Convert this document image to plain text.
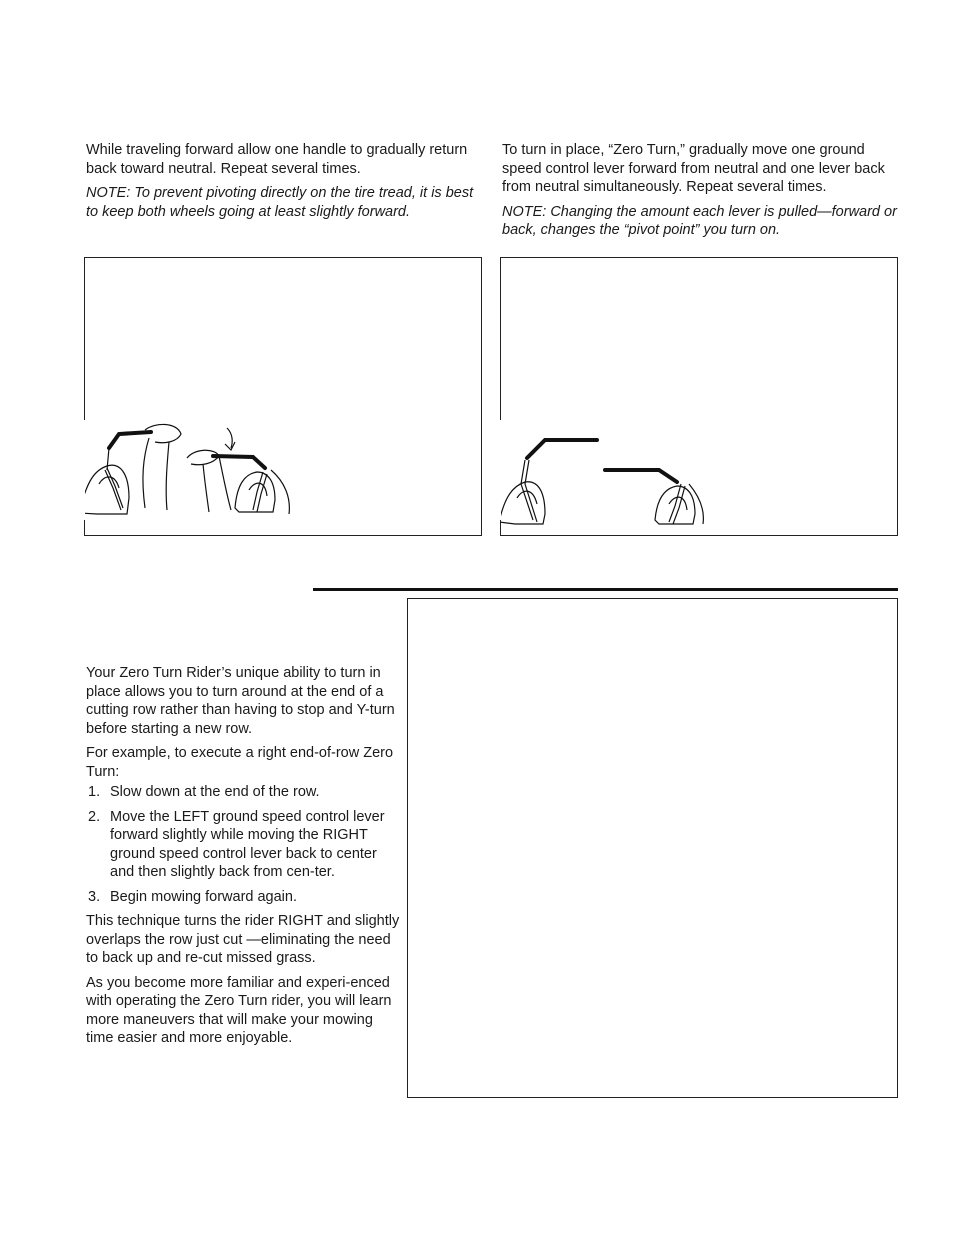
While traveling forward allow one handle to gradually return back toward neutral. Repeat several times.

NOTE: To prevent pivoting directly on the tire tread, it is best to keep both wheels going at least slightly forward.

To turn in place, “Zero Turn,” gradually move one ground speed control lever forward from neutral and one lever back from neutral simultaneously. Repeat several times.

NOTE: Changing the amount each lever is pulled—forward or back, changes the “pivot point” you turn on.

Your Zero Turn Rider’s unique ability to turn in place allows you to turn around at the end of a cutting row rather than having to stop and Y-turn before starting a new row.

For example, to execute a right end-of-row Zero Turn:

1. Slow down at the end of the row.
2. Move the LEFT ground speed control lever forward slightly while moving the RIGHT ground speed control lever back to center and then slightly back from cen-ter.
3. Begin mowing forward again.

This technique turns the rider RIGHT and slightly overlaps the row just cut —eliminating the need to back up and re-cut missed grass.

As you become more familiar and experi-enced with operating the Zero Turn rider, you will learn more maneuvers that will make your mowing time easier and more enjoyable.
